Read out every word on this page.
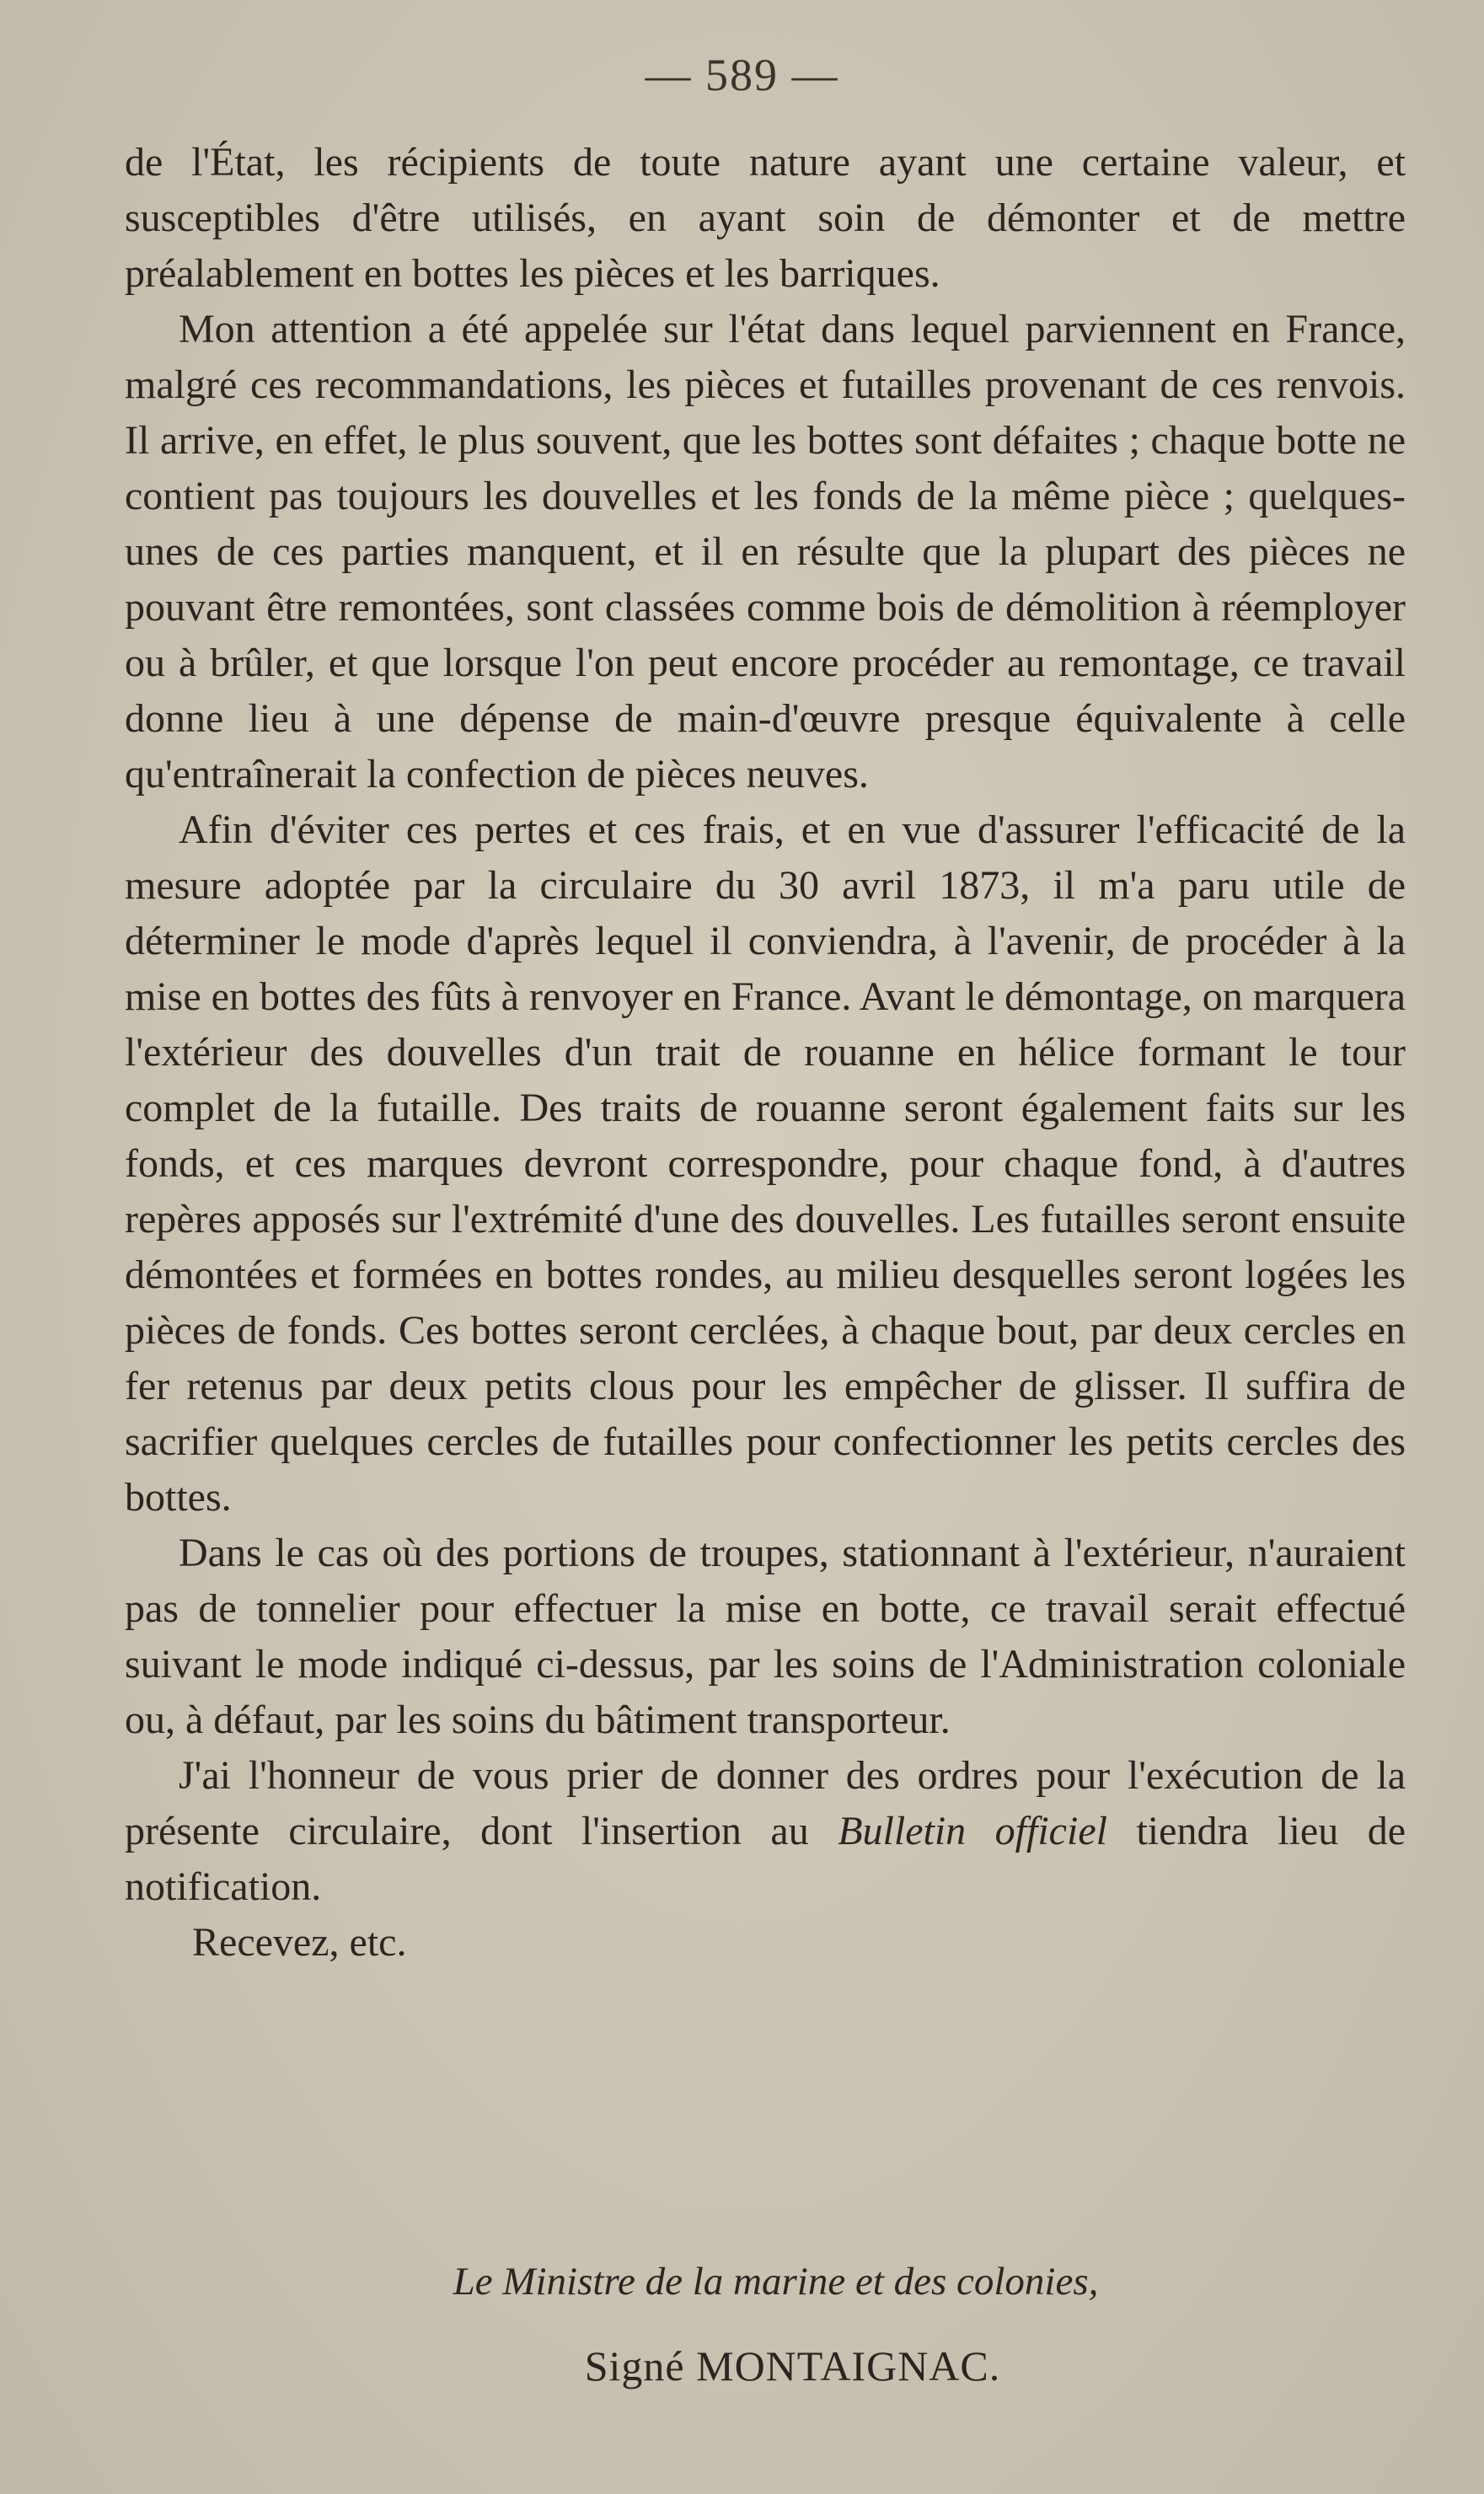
— 589 —

de l'État, les récipients de toute nature ayant une certaine valeur, et susceptibles d'être utilisés, en ayant soin de démonter et de mettre préalablement en bottes les pièces et les barriques.

Mon attention a été appelée sur l'état dans lequel parviennent en France, malgré ces recommandations, les pièces et futailles provenant de ces renvois. Il arrive, en effet, le plus souvent, que les bottes sont défaites ; chaque botte ne contient pas toujours les douvelles et les fonds de la même pièce ; quelques-unes de ces parties manquent, et il en résulte que la plupart des pièces ne pouvant être remontées, sont classées comme bois de démolition à réemployer ou à brûler, et que lorsque l'on peut encore procéder au remontage, ce travail donne lieu à une dépense de main-d'œuvre presque équivalente à celle qu'entraînerait la confection de pièces neuves.

Afin d'éviter ces pertes et ces frais, et en vue d'assurer l'efficacité de la mesure adoptée par la circulaire du 30 avril 1873, il m'a paru utile de déterminer le mode d'après lequel il conviendra, à l'avenir, de procéder à la mise en bottes des fûts à renvoyer en France. Avant le démontage, on marquera l'extérieur des douvelles d'un trait de rouanne en hélice formant le tour complet de la futaille. Des traits de rouanne seront également faits sur les fonds, et ces marques devront correspondre, pour chaque fond, à d'autres repères apposés sur l'extrémité d'une des douvelles. Les futailles seront ensuite démontées et formées en bottes rondes, au milieu desquelles seront logées les pièces de fonds. Ces bottes seront cerclées, à chaque bout, par deux cercles en fer retenus par deux petits clous pour les empêcher de glisser. Il suffira de sacrifier quelques cercles de futailles pour confectionner les petits cercles des bottes.

Dans le cas où des portions de troupes, stationnant à l'extérieur, n'auraient pas de tonnelier pour effectuer la mise en botte, ce travail serait effectué suivant le mode indiqué ci-dessus, par les soins de l'Administration coloniale ou, à défaut, par les soins du bâtiment transporteur.

J'ai l'honneur de vous prier de donner des ordres pour l'exécution de la présente circulaire, dont l'insertion au Bulletin officiel tiendra lieu de notification.

Recevez, etc.

Le Ministre de la marine et des colonies,
Signé MONTAIGNAC.
